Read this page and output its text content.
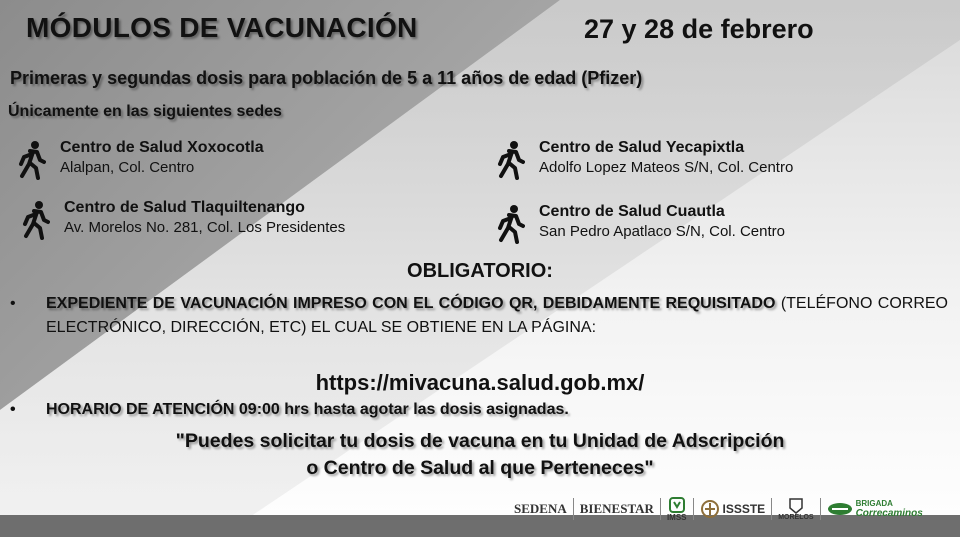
MÓDULOS DE VACUNACIÓN	27 y 28 de febrero
Primeras y segundas dosis para población de 5 a 11 años de edad (Pfizer)
Únicamente en las siguientes sedes
Centro de Salud Xoxocotla
Alalpan, Col. Centro
Centro de Salud Tlaquiltenango
Av. Morelos No. 281, Col. Los Presidentes
Centro de Salud Yecapixtla
Adolfo Lopez Mateos S/N, Col. Centro
Centro de Salud Cuautla
San Pedro Apatlaco S/N, Col. Centro
OBLIGATORIO:
•	EXPEDIENTE DE VACUNACIÓN IMPRESO CON EL CÓDIGO QR, DEBIDAMENTE REQUISITADO (TELÉFONO CORREO ELECTRÓNICO, DIRECCIÓN, ETC) EL CUAL SE OBTIENE EN LA PÁGINA:
https://mivacuna.salud.gob.mx/
•	HORARIO DE ATENCIÓN 09:00 hrs hasta agotar las dosis asignadas.
"Puedes solicitar tu dosis de vacuna en tu Unidad de Adscripción
o Centro de Salud al que Perteneces"
SEDENA BIENESTAR
IMSS
ISSSTE
MORELOS
BRIGADA
Correcaminos
